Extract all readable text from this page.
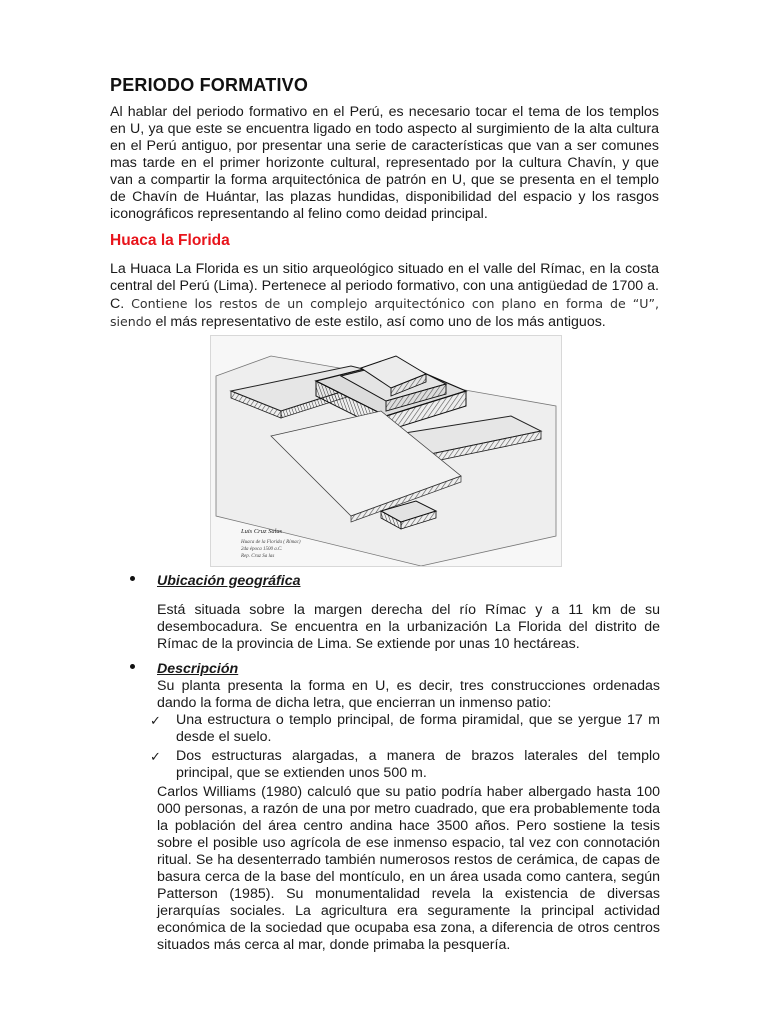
PERIODO FORMATIVO

Al hablar del periodo formativo en el Perú, es necesario tocar el tema de los templos en U, ya que este se encuentra ligado en todo aspecto al surgimiento de la alta cultura en el Perú antiguo, por presentar una serie de características que van a ser comunes mas tarde en el primer horizonte cultural, representado por la cultura Chavín, y que van a compartir la forma arquitectónica de patrón en U, que se presenta en el templo de Chavín de Huántar, las plazas hundidas, disponibilidad del espacio y los rasgos iconográficos representando al felino como deidad principal.

Huaca la Florida

La Huaca La Florida es un sitio arqueológico situado en el valle del Rímac, en la costa central del Perú (Lima). Pertenece al periodo formativo, con una antigüedad de 1700 a. C. Contiene los restos de un complejo arquitectónico con plano en forma de “U”, siendo el más representativo de este estilo, así como uno de los más antiguos.

Luis Cruz Salas
Huaca de la Florida ( Rímac)
2da época 1500 a.C.
Rep. Cruz Sa las

Ubicación geográfica

Está situada sobre la margen derecha del río Rímac y a 11 km de su desembocadura. Se encuentra en la urbanización La Florida del distrito de Rímac de la provincia de Lima. Se extiende por unas 10 hectáreas.

Descripción

Su planta presenta la forma en U, es decir, tres construcciones ordenadas dando la forma de dicha letra, que encierran un inmenso patio:

✓ Una estructura o templo principal, de forma piramidal, que se yergue 17 m desde el suelo.
✓ Dos estructuras alargadas, a manera de brazos laterales del templo principal, que se extienden unos 500 m.

Carlos Williams (1980) calculó que su patio podría haber albergado hasta 100 000 personas, a razón de una por metro cuadrado, que era probablemente toda la población del área centro andina hace 3500 años. Pero sostiene la tesis sobre el posible uso agrícola de ese inmenso espacio, tal vez con connotación ritual. Se ha desenterrado también numerosos restos de cerámica, de capas de basura cerca de la base del montículo, en un área usada como cantera, según Patterson (1985). Su monumentalidad revela la existencia de diversas jerarquías sociales. La agricultura era seguramente la principal actividad económica de la sociedad que ocupaba esa zona, a diferencia de otros centros situados más cerca al mar, donde primaba la pesquería.
